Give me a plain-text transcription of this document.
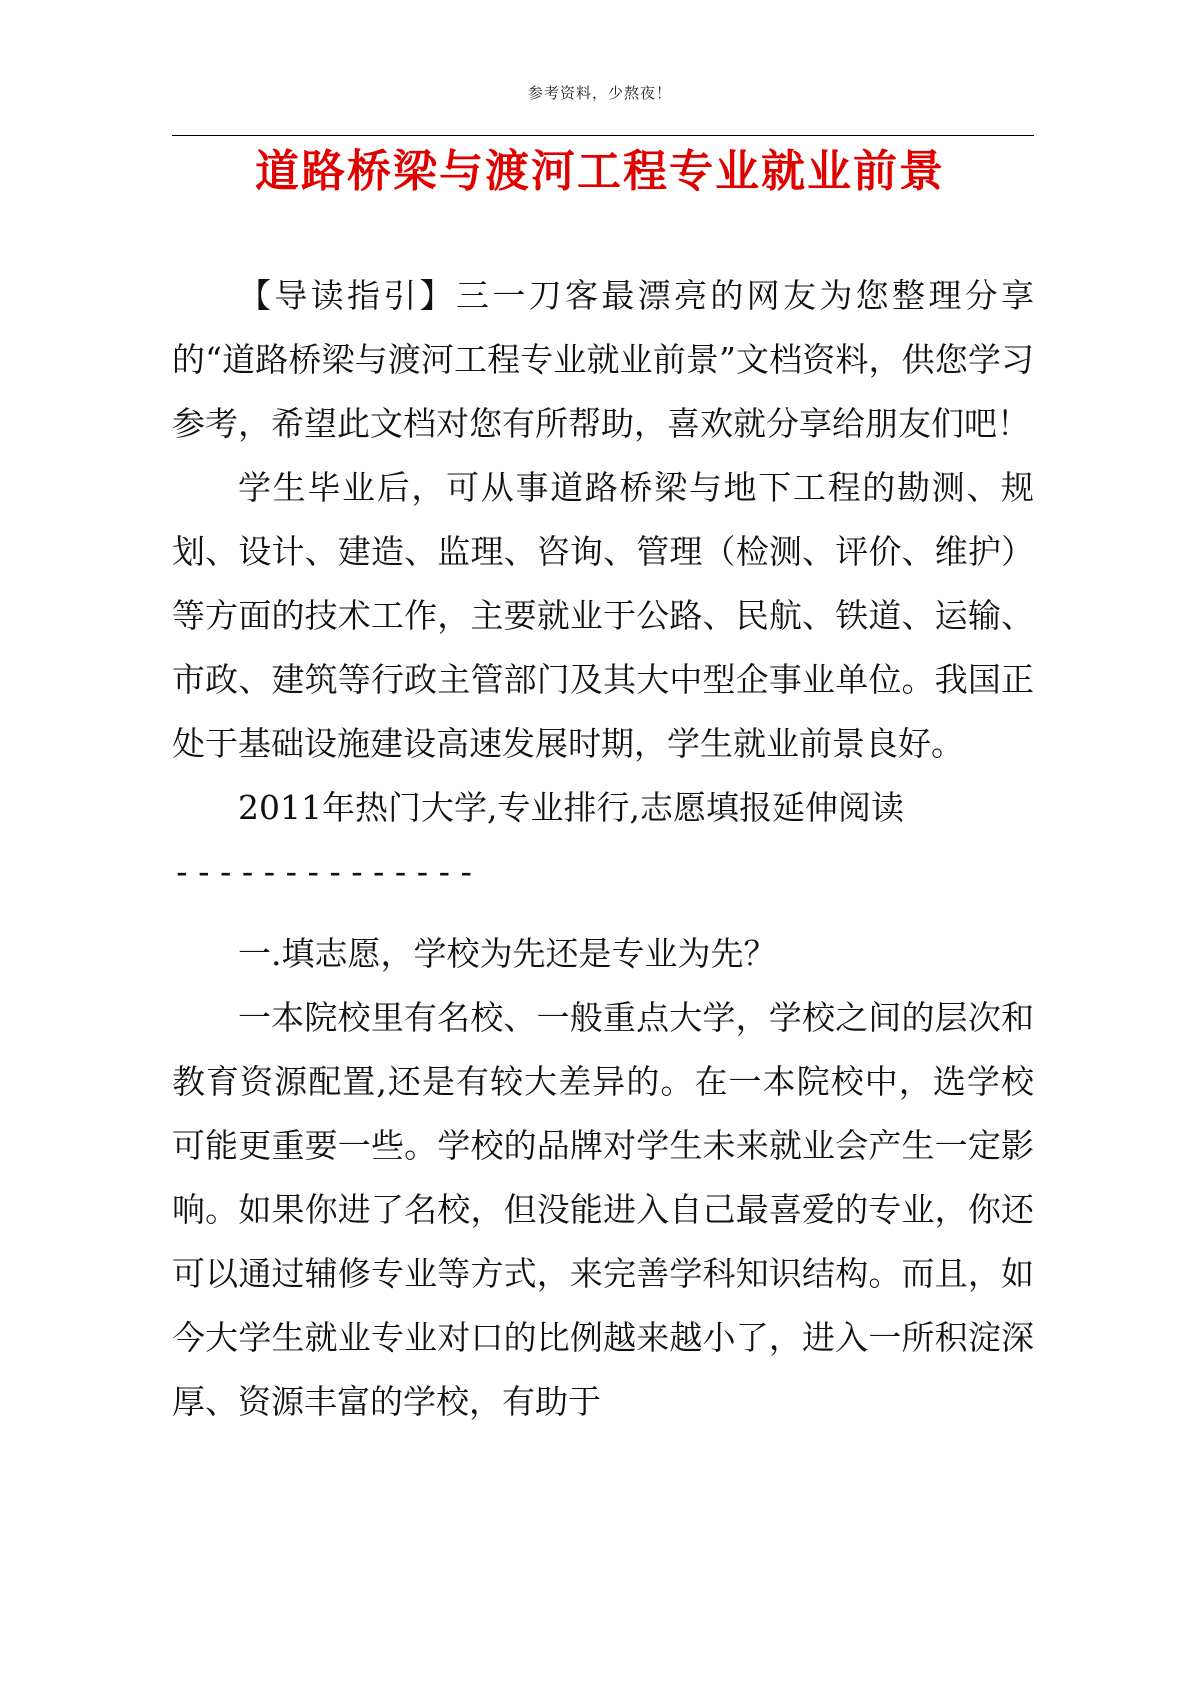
参考资料，少熬夜！
道路桥梁与渡河工程专业就业前景

【导读指引】三一刀客最漂亮的网友为您整理分享的“道路桥梁与渡河工程专业就业前景”文档资料，供您学习参考，希望此文档对您有所帮助，喜欢就分享给朋友们吧！

学生毕业后，可从事道路桥梁与地下工程的勘测、规划、设计、建造、监理、咨询、管理（检测、评价、维护）等方面的技术工作，主要就业于公路、民航、铁道、运输、市政、建筑等行政主管部门及其大中型企事业单位。我国正处于基础设施建设高速发展时期，学生就业前景良好。

2011年热门大学,专业排行,志愿填报延伸阅读

--------------

一.填志愿，学校为先还是专业为先？

一本院校里有名校、一般重点大学，学校之间的层次和教育资源配置,还是有较大差异的。在一本院校中，选学校可能更重要一些。学校的品牌对学生未来就业会产生一定影响。如果你进了名校，但没能进入自己最喜爱的专业，你还可以通过辅修专业等方式，来完善学科知识结构。而且，如今大学生就业专业对口的比例越来越小了，进入一所积淀深厚、资源丰富的学校，有助于
